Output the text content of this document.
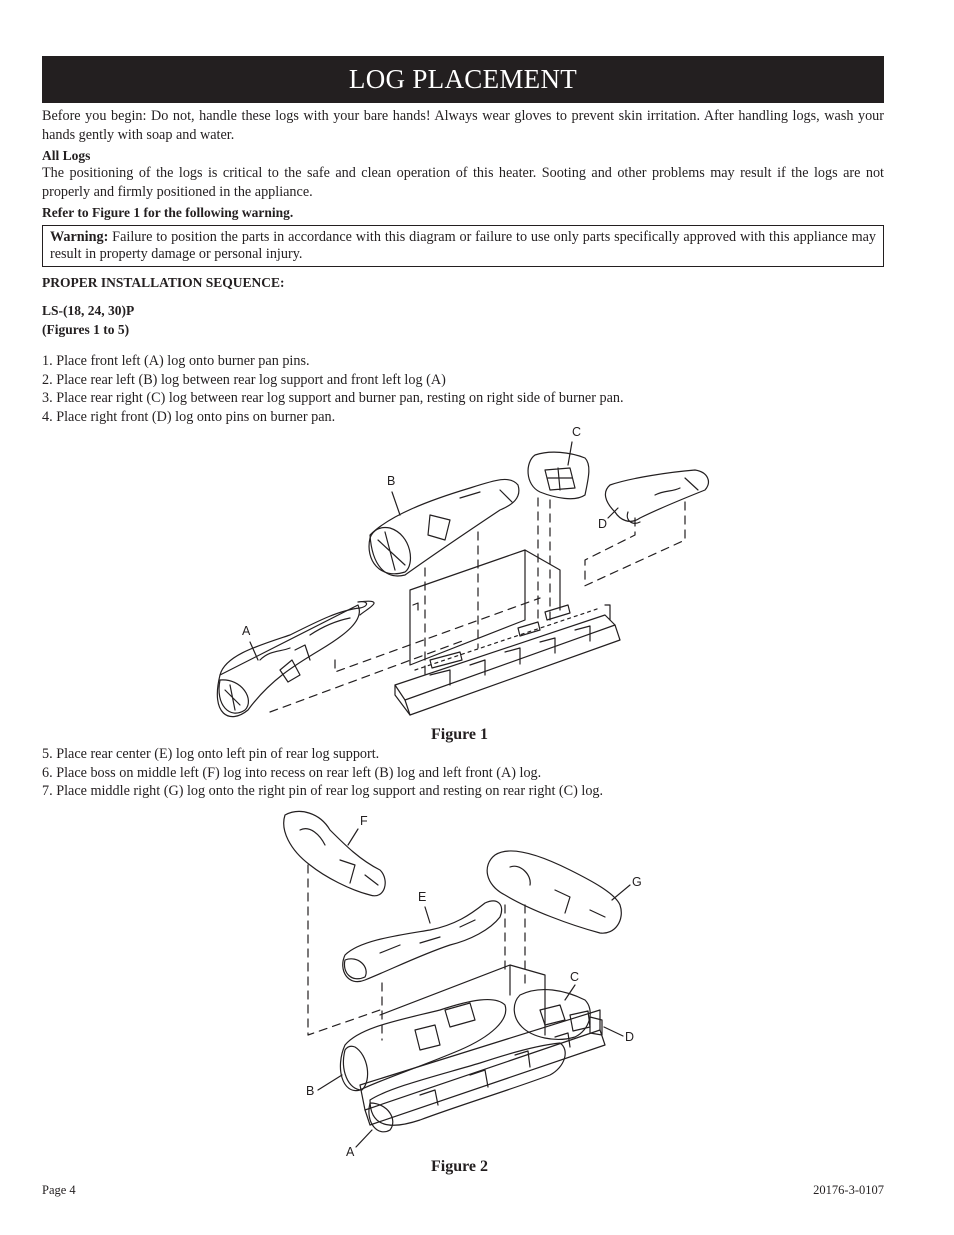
LOG PLACEMENT
Before you begin: Do not, handle these logs with your bare hands! Always wear gloves to prevent skin irritation. After handling logs, wash your hands gently with soap and water.
All Logs
The positioning of the logs is critical to the safe and clean operation of this heater. Sooting and other problems may result if the logs are not properly and firmly positioned in the appliance.
Refer to Figure 1 for the following warning.
Warning: Failure to position the parts in accordance with this diagram or failure to use only parts specifically approved with this appliance may result in property damage or personal injury.
PROPER INSTALLATION SEQUENCE:
LS-(18, 24, 30)P
(Figures 1 to 5)
1. Place front left (A) log onto burner pan pins.
2. Place rear left (B) log between rear log support and front left log (A)
3. Place rear right (C) log between rear log support and burner pan, resting on right side of burner pan.
4. Place right front (D) log onto pins on burner pan.
C
B
D
A
Figure 1
5. Place rear center (E) log onto left pin of rear log support.
6. Place boss on middle left (F) log into recess on rear left (B) log and left front (A) log.
7. Place middle right (G) log onto the right pin of rear log support and resting on rear right (C) log.
F
G
E
C
D
B
A
Figure 2
Page 4	20176-3-0107
